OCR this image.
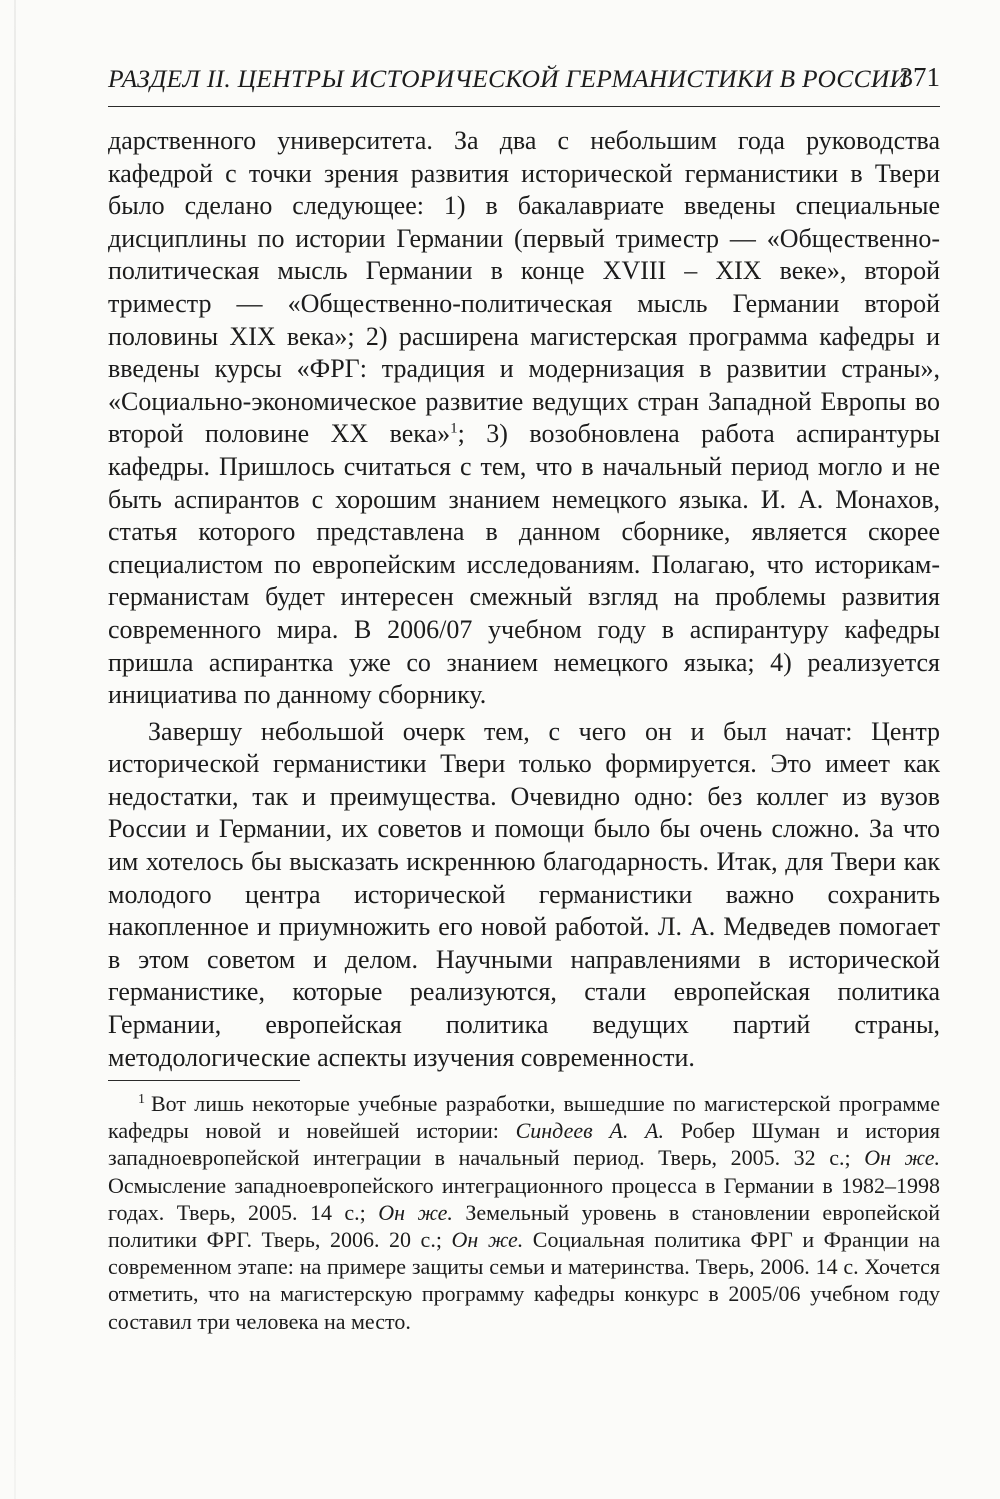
РАЗДЕЛ II. ЦЕНТРЫ ИСТОРИЧЕСКОЙ ГЕРМАНИСТИКИ В РОССИИ
371

дарственного университета. За два с небольшим года руководства кафедрой с точки зрения развития исторической германистики в Твери было сделано следующее: 1) в бакалавриате введены специальные дисциплины по истории Германии (первый триместр — «Общественно-политическая мысль Германии в конце XVIII – XIX веке», второй триместр — «Общественно-политическая мысль Германии второй половины XIX века»; 2) расширена магистерская программа кафедры и введены курсы «ФРГ: традиция и модернизация в развитии страны», «Социально-экономическое развитие ведущих стран Западной Европы во второй половине XX века»$^1$; 3) возобновлена работа аспирантуры кафедры. Пришлось считаться с тем, что в начальный период могло и не быть аспирантов с хорошим знанием немецкого языка. И. А. Монахов, статья которого представлена в данном сборнике, является скорее специалистом по европейским исследованиям. Полагаю, что историкам-германистам будет интересен смежный взгляд на проблемы развития современного мира. В 2006/07 учебном году в аспирантуру кафедры пришла аспирантка уже со знанием немецкого языка; 4) реализуется инициатива по данному сборнику.

Завершу небольшой очерк тем, с чего он и был начат: Центр исторической германистики Твери только формируется. Это имеет как недостатки, так и преимущества. Очевидно одно: без коллег из вузов России и Германии, их советов и помощи было бы очень сложно. За что им хотелось бы высказать искреннюю благодарность. Итак, для Твери как молодого центра исторической германистики важно сохранить накопленное и приумножить его новой работой. Л. А. Медведев помогает в этом советом и делом. Научными направлениями в исторической германистике, которые реализуются, стали европейская политика Германии, европейская политика ведущих партий страны, методологические аспекты изучения современности.

$^1$ Вот лишь некоторые учебные разработки, вышедшие по магистерской программе кафедры новой и новейшей истории: Синдеев А. А. Робер Шуман и история западноевропейской интеграции в начальный период. Тверь, 2005. 32 с.; Он же. Осмысление западноевропейского интеграционного процесса в Германии в 1982–1998 годах. Тверь, 2005. 14 с.; Он же. Земельный уровень в становлении европейской политики ФРГ. Тверь, 2006. 20 с.; Он же. Социальная политика ФРГ и Франции на современном этапе: на примере защиты семьи и материнства. Тверь, 2006. 14 с. Хочется отметить, что на магистерскую программу кафедры конкурс в 2005/06 учебном году составил три человека на место.
